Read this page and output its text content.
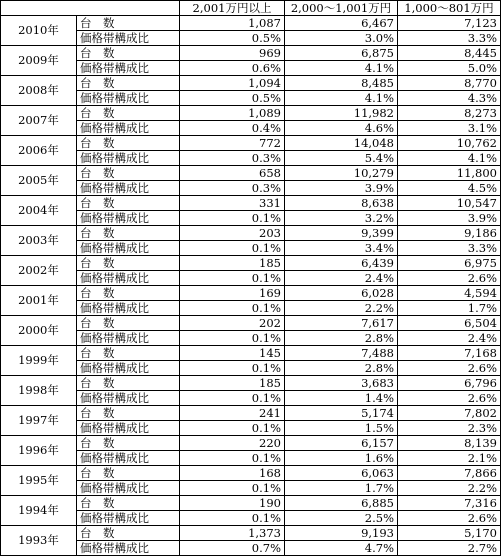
		2,001万円以上	2,000～1,001万円	1,000～801万円
2010年	台　数	1,087	6,467	7,123
	価格帯構成比	0.5%	3.0%	3.3%
2009年	台　数	969	6,875	8,445
	価格帯構成比	0.6%	4.1%	5.0%
2008年	台　数	1,094	8,485	8,770
	価格帯構成比	0.5%	4.1%	4.3%
2007年	台　数	1,089	11,982	8,273
	価格帯構成比	0.4%	4.6%	3.1%
2006年	台　数	772	14,048	10,762
	価格帯構成比	0.3%	5.4%	4.1%
2005年	台　数	658	10,279	11,800
	価格帯構成比	0.3%	3.9%	4.5%
2004年	台　数	331	8,638	10,547
	価格帯構成比	0.1%	3.2%	3.9%
2003年	台　数	203	9,399	9,186
	価格帯構成比	0.1%	3.4%	3.3%
2002年	台　数	185	6,439	6,975
	価格帯構成比	0.1%	2.4%	2.6%
2001年	台　数	169	6,028	4,594
	価格帯構成比	0.1%	2.2%	1.7%
2000年	台　数	202	7,617	6,504
	価格帯構成比	0.1%	2.8%	2.4%
1999年	台　数	145	7,488	7,168
	価格帯構成比	0.1%	2.8%	2.6%
1998年	台　数	185	3,683	6,796
	価格帯構成比	0.1%	1.4%	2.6%
1997年	台　数	241	5,174	7,802
	価格帯構成比	0.1%	1.5%	2.3%
1996年	台　数	220	6,157	8,139
	価格帯構成比	0.1%	1.6%	2.1%
1995年	台　数	168	6,063	7,866
	価格帯構成比	0.1%	1.7%	2.2%
1994年	台　数	190	6,885	7,316
	価格帯構成比	0.1%	2.5%	2.6%
1993年	台　数	1,373	9,193	5,170
	価格帯構成比	0.7%	4.7%	2.7%
